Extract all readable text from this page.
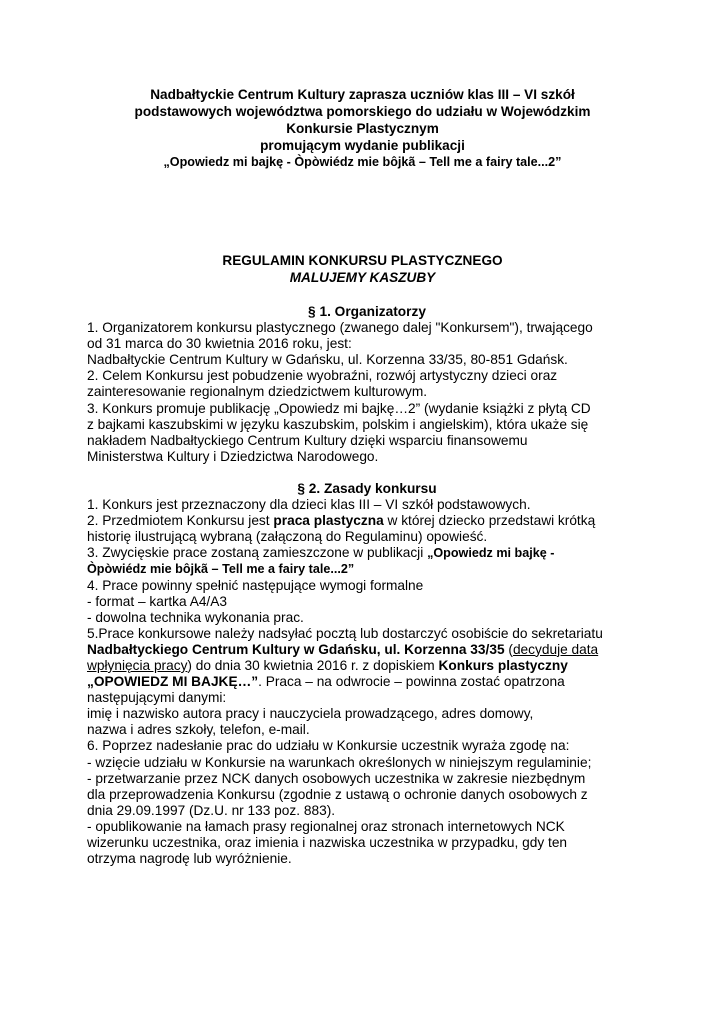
Nadbałtyckie Centrum Kultury zaprasza uczniów klas III – VI szkół
podstawowych województwa pomorskiego do udziału w Wojewódzkim
Konkursie Plastycznym
promującym wydanie publikacji
„Opowiedz mi bajkę - Òpòwiédz mie bôjkã – Tell me a fairy tale...2”
REGULAMIN KONKURSU PLASTYCZNEGO
MALUJEMY KASZUBY
§ 1. Organizatorzy
1. Organizatorem konkursu plastycznego (zwanego dalej "Konkursem"), trwającego
od 31 marca do 30 kwietnia 2016 roku, jest:
Nadbałtyckie Centrum Kultury w Gdańsku, ul. Korzenna 33/35, 80-851 Gdańsk.
2. Celem Konkursu jest pobudzenie wyobraźni, rozwój artystyczny dzieci oraz
zainteresowanie regionalnym dziedzictwem kulturowym.
3. Konkurs promuje publikację „Opowiedz mi bajkę…2” (wydanie książki z płytą CD
z bajkami kaszubskimi w języku kaszubskim, polskim i angielskim), która ukaże się
nakładem Nadbałtyckiego Centrum Kultury dzięki wsparciu finansowemu
Ministerstwa Kultury i Dziedzictwa Narodowego.
§ 2. Zasady konkursu
1. Konkurs jest przeznaczony dla dzieci klas III – VI szkół podstawowych.
2. Przedmiotem Konkursu jest praca plastyczna w której dziecko przedstawi krótką
historię ilustrującą wybraną (załączoną do Regulaminu) opowieść.
3. Zwycięskie prace zostaną zamieszczone w publikacji „Opowiedz mi bajkę -
Òpòwiédz mie bôjkã – Tell me a fairy tale...2”
4. Prace powinny spełnić następujące wymogi formalne
- format – kartka A4/A3
- dowolna technika wykonania prac.
5.Prace konkursowe należy nadsyłać pocztą lub dostarczyć osobiście do sekretariatu
Nadbałtyckiego Centrum Kultury w Gdańsku, ul. Korzenna 33/35 (decyduje data
wpłynięcia pracy) do dnia 30 kwietnia 2016 r. z dopiskiem Konkurs plastyczny
„OPOWIEDZ MI BAJKĘ…”. Praca – na odwrocie – powinna zostać opatrzona
następującymi danymi:
imię i nazwisko autora pracy i nauczyciela prowadzącego, adres domowy,
nazwa i adres szkoły, telefon, e-mail.
6. Poprzez nadesłanie prac do udziału w Konkursie uczestnik wyraża zgodę na:
- wzięcie udziału w Konkursie na warunkach określonych w niniejszym regulaminie;
- przetwarzanie przez NCK danych osobowych uczestnika w zakresie niezbędnym
dla przeprowadzenia Konkursu (zgodnie z ustawą o ochronie danych osobowych z
dnia 29.09.1997 (Dz.U. nr 133 poz. 883).
- opublikowanie na łamach prasy regionalnej oraz stronach internetowych NCK
wizerunku uczestnika, oraz imienia i nazwiska uczestnika w przypadku, gdy ten
otrzyma nagrodę lub wyróżnienie.
